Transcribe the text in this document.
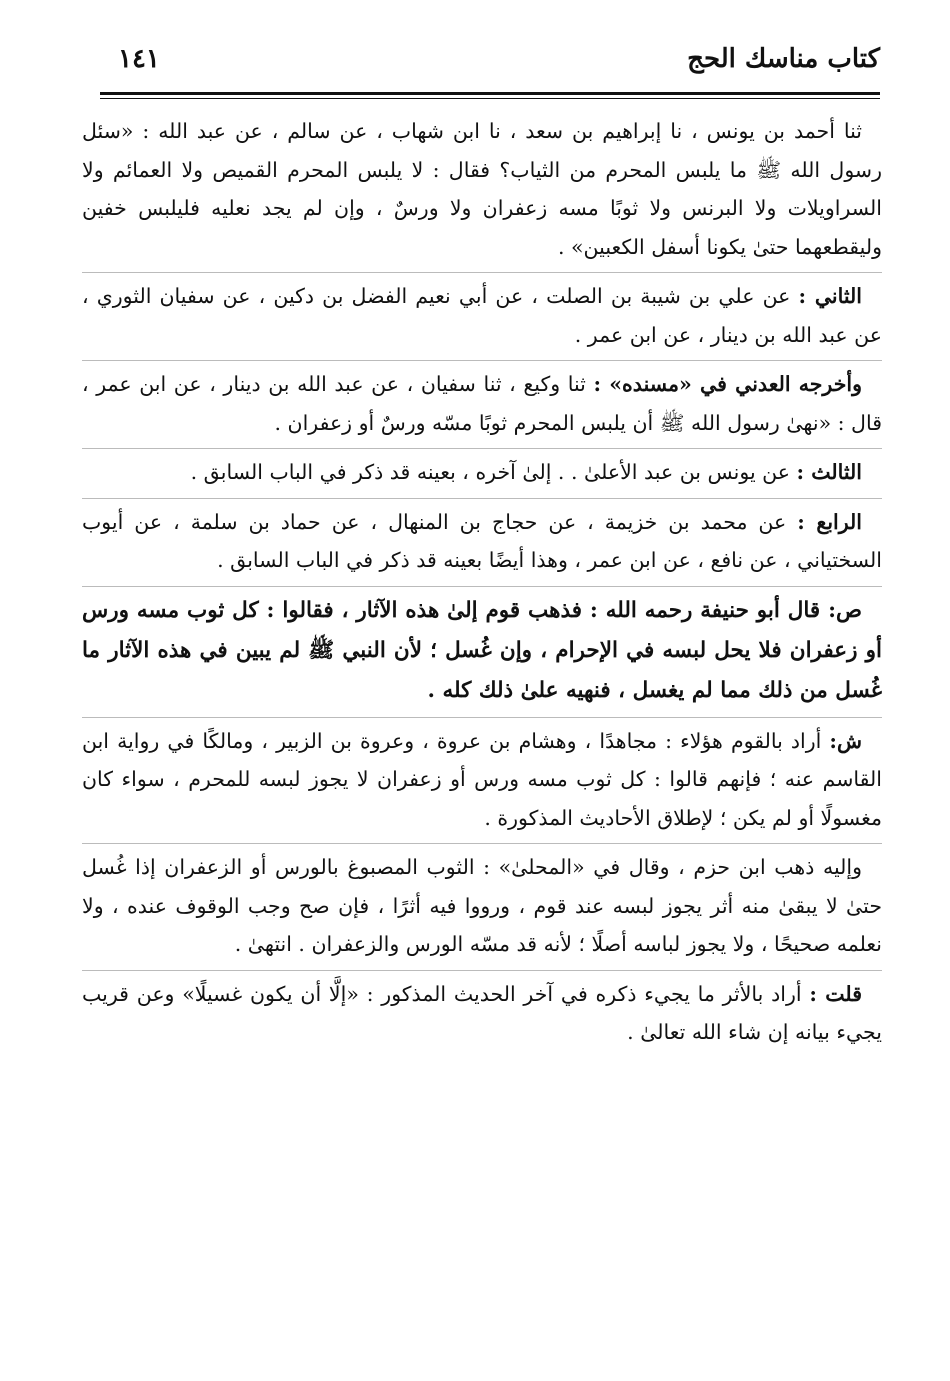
كتاب مناسك الحج
١٤١

ثنا أحمد بن يونس ، نا إبراهيم بن سعد ، نا ابن شهاب ، عن سالم ، عن عبد الله : «سئل رسول الله ﷺ ما يلبس المحرم من الثياب؟ فقال : لا يلبس المحرم القميص ولا العمائم ولا السراويلات ولا البرنس ولا ثوبًا مسه زعفران ولا ورسٌ ، وإن لم يجد نعليه فليلبس خفين وليقطعهما حتىٰ يكونا أسفل الكعبين» .

الثاني : عن علي بن شيبة بن الصلت ، عن أبي نعيم الفضل بن دكين ، عن سفيان الثوري ، عن عبد الله بن دينار ، عن ابن عمر .

وأخرجه العدني في «مسنده» : ثنا وكيع ، ثنا سفيان ، عن عبد الله بن دينار ، عن ابن عمر ، قال : «نهىٰ رسول الله ﷺ أن يلبس المحرم ثوبًا مسّه ورسٌ أو زعفران .

الثالث : عن يونس بن عبد الأعلىٰ . . إلىٰ آخره ، بعينه قد ذكر في الباب السابق .

الرابع : عن محمد بن خزيمة ، عن حجاج بن المنهال ، عن حماد بن سلمة ، عن أيوب السختياني ، عن نافع ، عن ابن عمر ، وهذا أيضًا بعينه قد ذكر في الباب السابق .

ص: قال أبو حنيفة رحمه الله : فذهب قوم إلىٰ هذه الآثار ، فقالوا : كل ثوب مسه ورس أو زعفران فلا يحل لبسه في الإحرام ، وإن غُسل ؛ لأن النبي ﷺ لم يبين في هذه الآثار ما غُسل من ذلك مما لم يغسل ، فنهيه علىٰ ذلك كله .

ش: أراد بالقوم هؤلاء : مجاهدًا ، وهشام بن عروة ، وعروة بن الزبير ، ومالكًا في رواية ابن القاسم عنه ؛ فإنهم قالوا : كل ثوب مسه ورس أو زعفران لا يجوز لبسه للمحرم ، سواء كان مغسولًا أو لم يكن ؛ لإطلاق الأحاديث المذكورة .

وإليه ذهب ابن حزم ، وقال في «المحلىٰ» : الثوب المصبوغ بالورس أو الزعفران إذا غُسل حتىٰ لا يبقىٰ منه أثر يجوز لبسه عند قوم ، ورووا فيه أثرًا ، فإن صح وجب الوقوف عنده ، ولا نعلمه صحيحًا ، ولا يجوز لباسه أصلًا ؛ لأنه قد مسّه الورس والزعفران . انتهىٰ .

قلت : أراد بالأثر ما يجيء ذكره في آخر الحديث المذكور : «إلَّا أن يكون غسيلًا» وعن قريب يجيء بيانه إن شاء الله تعالىٰ .
